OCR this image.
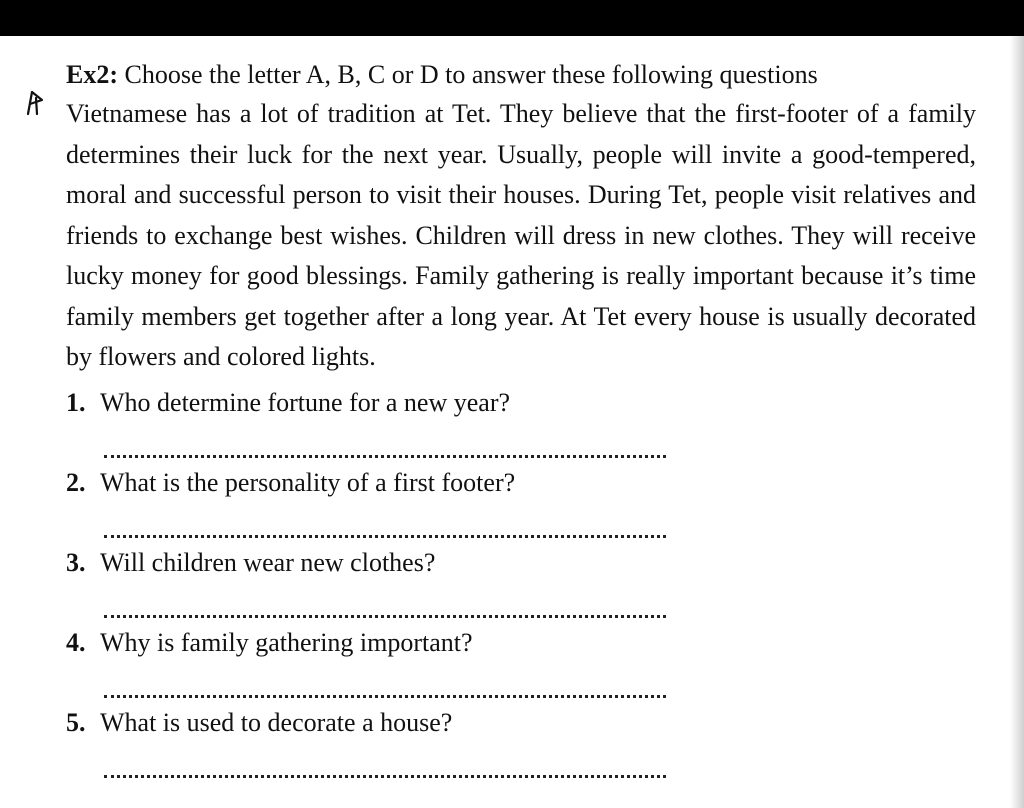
Ex2: Choose the letter A, B, C or D to answer these following questions

Vietnamese has a lot of tradition at Tet. They believe that the first-footer of a family determines their luck for the next year. Usually, people will invite a good-tempered, moral and successful person to visit their houses. During Tet, people visit relatives and friends to exchange best wishes. Children will dress in new clothes. They will receive lucky money for good blessings. Family gathering is really important because it’s time family members get together after a long year. At Tet every house is usually decorated by flowers and colored lights.

1. Who determine fortune for a new year?
2. What is the personality of a first footer?
3. Will children wear new clothes?
4. Why is family gathering important?
5. What is used to decorate a house?
